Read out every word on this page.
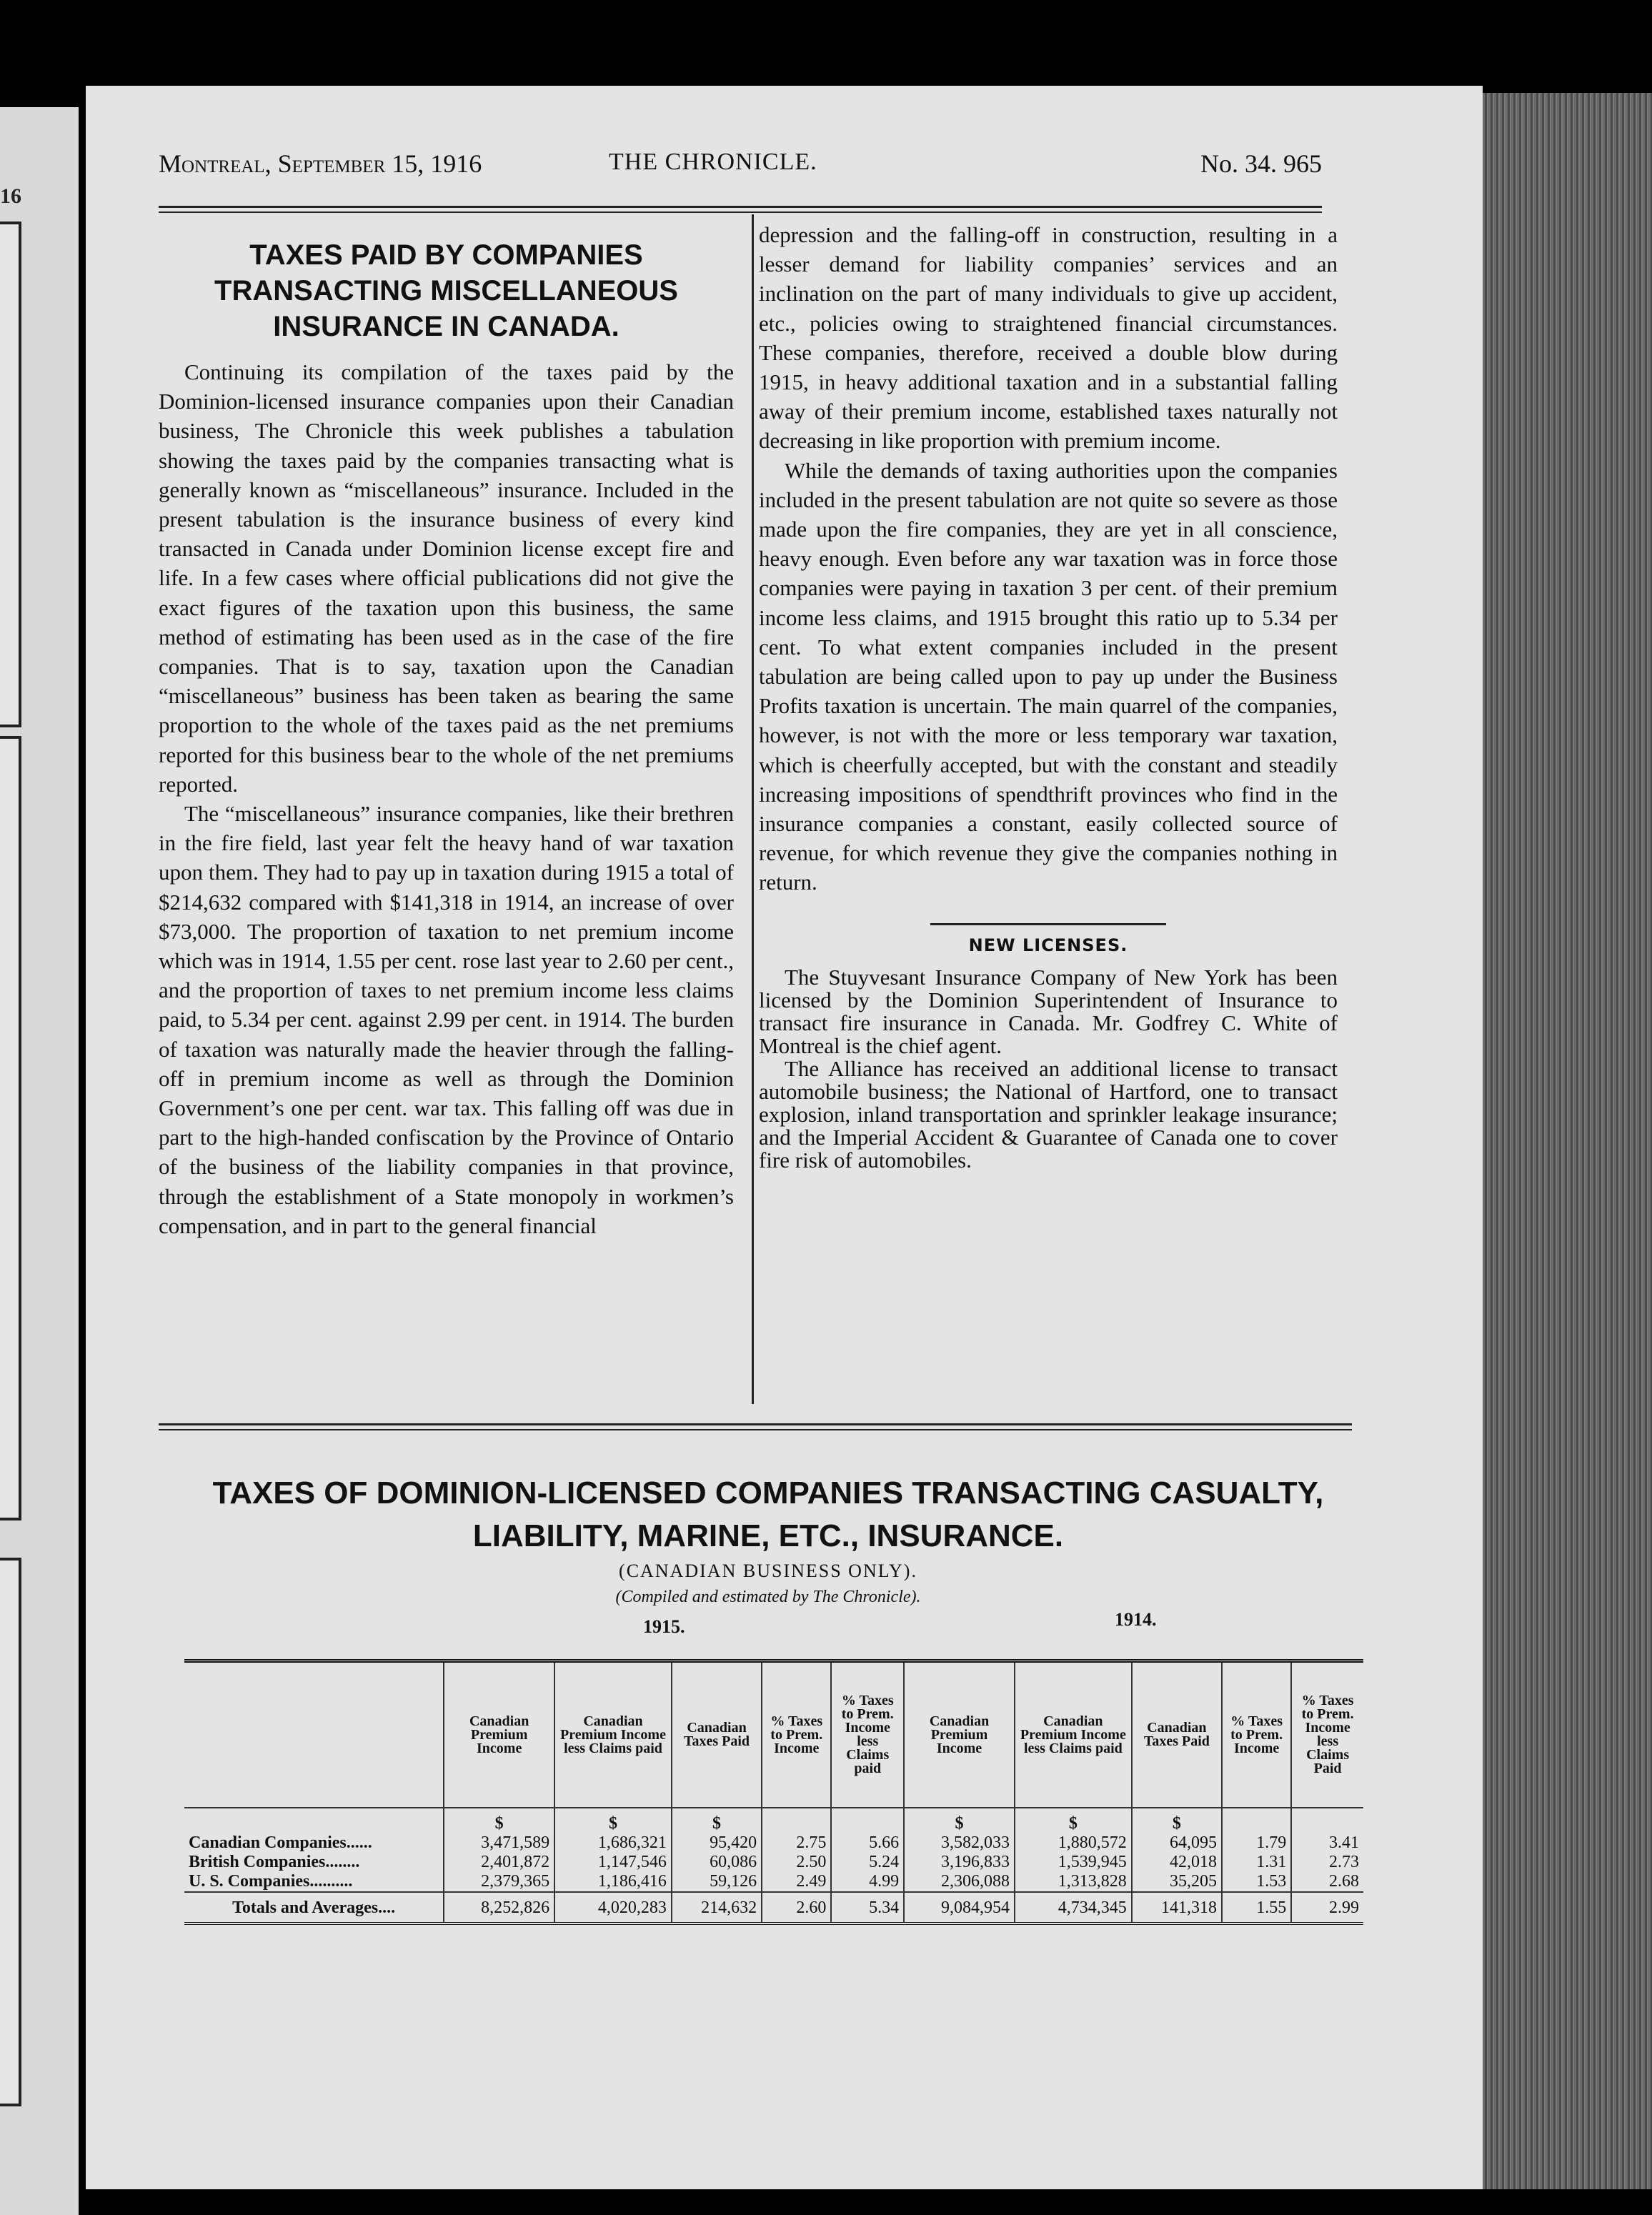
16
Montreal, September 15, 1916	THE CHRONICLE.	No. 34. 965
TAXES PAID BY COMPANIES TRANSACTING MISCELLANEOUS INSURANCE IN CANADA.

Continuing its compilation of the taxes paid by the Dominion-licensed insurance companies upon their Canadian business, The Chronicle this week publishes a tabulation showing the taxes paid by the companies transacting what is generally known as “miscellaneous” insurance. Included in the present tabulation is the insurance business of every kind transacted in Canada under Dominion license except fire and life. In a few cases where official publications did not give the exact figures of the taxation upon this business, the same method of estimating has been used as in the case of the fire companies. That is to say, taxation upon the Canadian “miscellaneous” business has been taken as bearing the same proportion to the whole of the taxes paid as the net premiums reported for this business bear to the whole of the net premiums reported.

The “miscellaneous” insurance companies, like their brethren in the fire field, last year felt the heavy hand of war taxation upon them. They had to pay up in taxation during 1915 a total of $214,632 compared with $141,318 in 1914, an increase of over $73,000. The proportion of taxation to net premium income which was in 1914, 1.55 per cent. rose last year to 2.60 per cent., and the proportion of taxes to net premium income less claims paid, to 5.34 per cent. against 2.99 per cent. in 1914. The burden of taxation was naturally made the heavier through the falling-off in premium income as well as through the Dominion Government’s one per cent. war tax. This falling off was due in part to the high-handed confiscation by the Province of Ontario of the business of the liability companies in that province, through the establishment of a State monopoly in workmen’s compensation, and in part to the general financial

depression and the falling-off in construction, resulting in a lesser demand for liability companies’ services and an inclination on the part of many individuals to give up accident, etc., policies owing to straightened financial circumstances. These companies, therefore, received a double blow during 1915, in heavy additional taxation and in a substantial falling away of their premium income, established taxes naturally not decreasing in like proportion with premium income.

While the demands of taxing authorities upon the companies included in the present tabulation are not quite so severe as those made upon the fire companies, they are yet in all conscience, heavy enough. Even before any war taxation was in force those companies were paying in taxation 3 per cent. of their premium income less claims, and 1915 brought this ratio up to 5.34 per cent. To what extent companies included in the present tabulation are being called upon to pay up under the Business Profits taxation is uncertain. The main quarrel of the companies, however, is not with the more or less temporary war taxation, which is cheerfully accepted, but with the constant and steadily increasing impositions of spendthrift provinces who find in the insurance companies a constant, easily collected source of revenue, for which revenue they give the companies nothing in return.

NEW LICENSES.

The Stuyvesant Insurance Company of New York has been licensed by the Dominion Superintendent of Insurance to transact fire insurance in Canada. Mr. Godfrey C. White of Montreal is the chief agent.

The Alliance has received an additional license to transact automobile business; the National of Hartford, one to transact explosion, inland transportation and sprinkler leakage insurance; and the Imperial Accident & Guarantee of Canada one to cover fire risk of automobiles.

TAXES OF DOMINION-LICENSED COMPANIES TRANSACTING CASUALTY,
LIABILITY, MARINE, ETC., INSURANCE.
(CANADIAN BUSINESS ONLY).
(Compiled and estimated by The Chronicle).
1915.	1914.
	Canadian Premium Income	Canadian Premium Income less Claims paid	Canadian Taxes Paid	% Taxes to Prem. Income	% Taxes to Prem. Income less Claims paid	Canadian Premium Income	Canadian Premium Income less Claims paid	Canadian Taxes Paid	% Taxes to Prem. Income	% Taxes to Prem. Income less Claims Paid
	$	$	$			$	$	$		
Canadian Companies......	3,471,589	1,686,321	95,420	2.75	5.66	3,582,033	1,880,572	64,095	1.79	3.41
British Companies........	2,401,872	1,147,546	60,086	2.50	5.24	3,196,833	1,539,945	42,018	1.31	2.73
U. S. Companies..........	2,379,365	1,186,416	59,126	2.49	4.99	2,306,088	1,313,828	35,205	1.53	2.68
Totals and Averages....	8,252,826	4,020,283	214,632	2.60	5.34	9,084,954	4,734,345	141,318	1.55	2.99
